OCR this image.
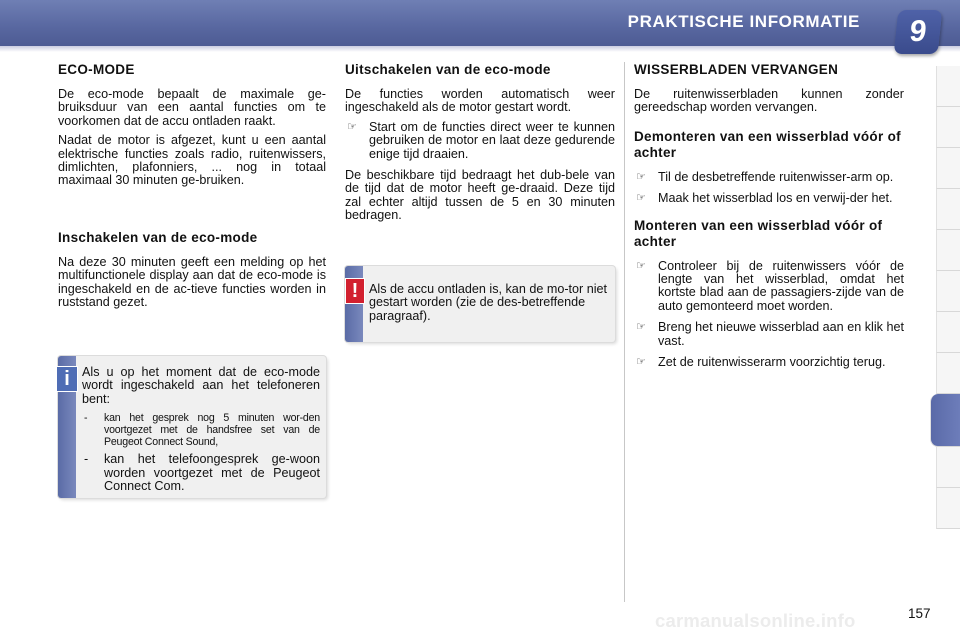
PRAKTISCHE INFORMATIE	9
ECO-MODE

De eco-mode bepaalt de maximale ge-bruiksduur van een aantal functies om te voorkomen dat de accu ontladen raakt.

Nadat de motor is afgezet, kunt u een aantal elektrische functies zoals radio, ruitenwissers, dimlichten, plafonniers, ... nog in totaal maximaal 30 minuten ge-bruiken.

Inschakelen van de eco-mode

Na deze 30 minuten geeft een melding op het multifunctionele display aan dat de eco-mode is ingeschakeld en de ac-tieve functies worden in ruststand gezet.

Als u op het moment dat de eco-mode wordt ingeschakeld aan het telefoneren bent:

- kan het gesprek nog 5 minuten wor-den voortgezet met de handsfree set van de Peugeot Connect Sound,
- kan het telefoongesprek ge-woon worden voortgezet met de Peugeot Connect Com.
i
Uitschakelen van de eco-mode

De functies worden automatisch weer ingeschakeld als de motor gestart wordt.

☞ Start om de functies direct weer te kunnen gebruiken de motor en laat deze gedurende enige tijd draaien.

De beschikbare tijd bedraagt het dub-bele van de tijd dat de motor heeft ge-draaid. Deze tijd zal echter altijd tussen de 5 en 30 minuten bedragen.

Als de accu ontladen is, kan de mo-tor niet gestart worden (zie de des-betreffende paragraaf).

!
WISSERBLADEN VERVANGEN

De ruitenwisserbladen kunnen zonder gereedschap worden vervangen.

Demonteren van een wisserblad vóór of achter
☞ Til de desbetreffende ruitenwisser-arm op.
☞ Maak het wisserblad los en verwij-der het.
Monteren van een wisserblad vóór of achter
☞ Controleer bij de ruitenwissers vóór de lengte van het wisserblad, omdat het kortste blad aan de passagiers-zijde van de auto gemonteerd moet worden.
☞ Breng het nieuwe wisserblad aan en klik het vast.
☞ Zet de ruitenwisserarm voorzichtig terug.
carmanualsonline.info	157
